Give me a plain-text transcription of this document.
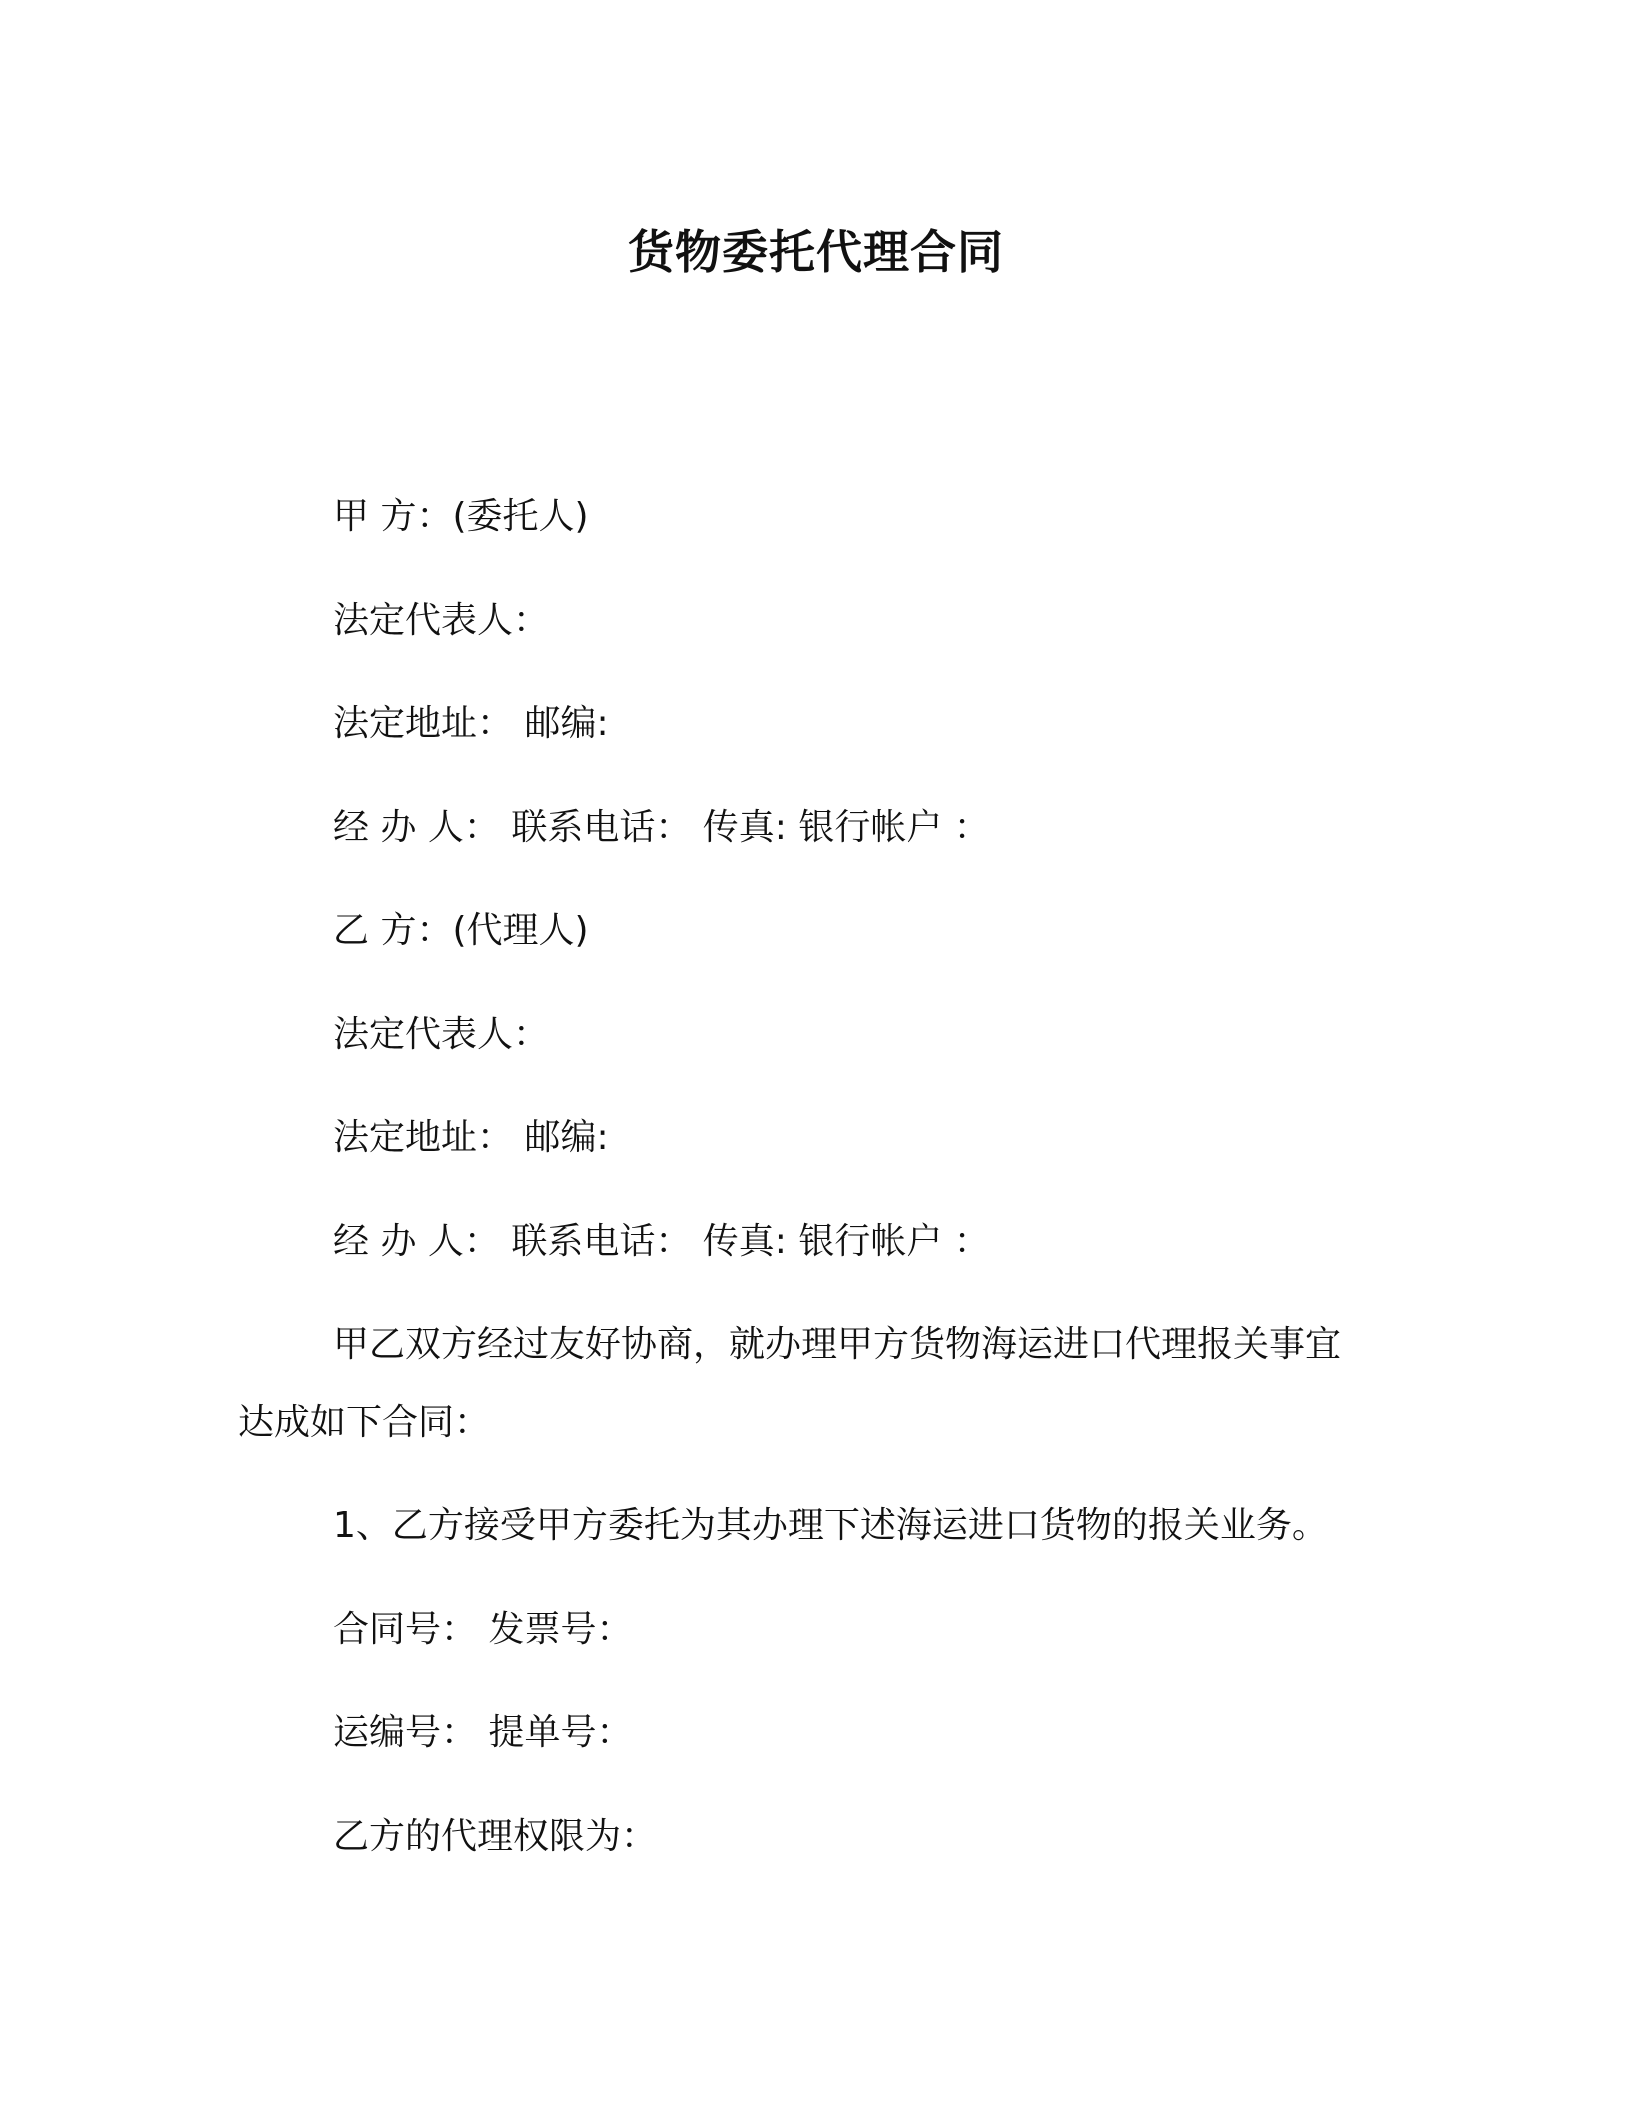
货物委托代理合同
甲 方：(委托人)
法定代表人：
法定地址： 邮编:
经 办 人： 联系电话： 传真: 银行帐户 ：
乙 方：(代理人)
法定代表人：
法定地址： 邮编:
经 办 人： 联系电话： 传真: 银行帐户 ：
甲乙双方经过友好协商，就办理甲方货物海运进口代理报关事宜
达成如下合同：
1、乙方接受甲方委托为其办理下述海运进口货物的报关业务。
合同号： 发票号：
运编号： 提单号：
乙方的代理权限为：
